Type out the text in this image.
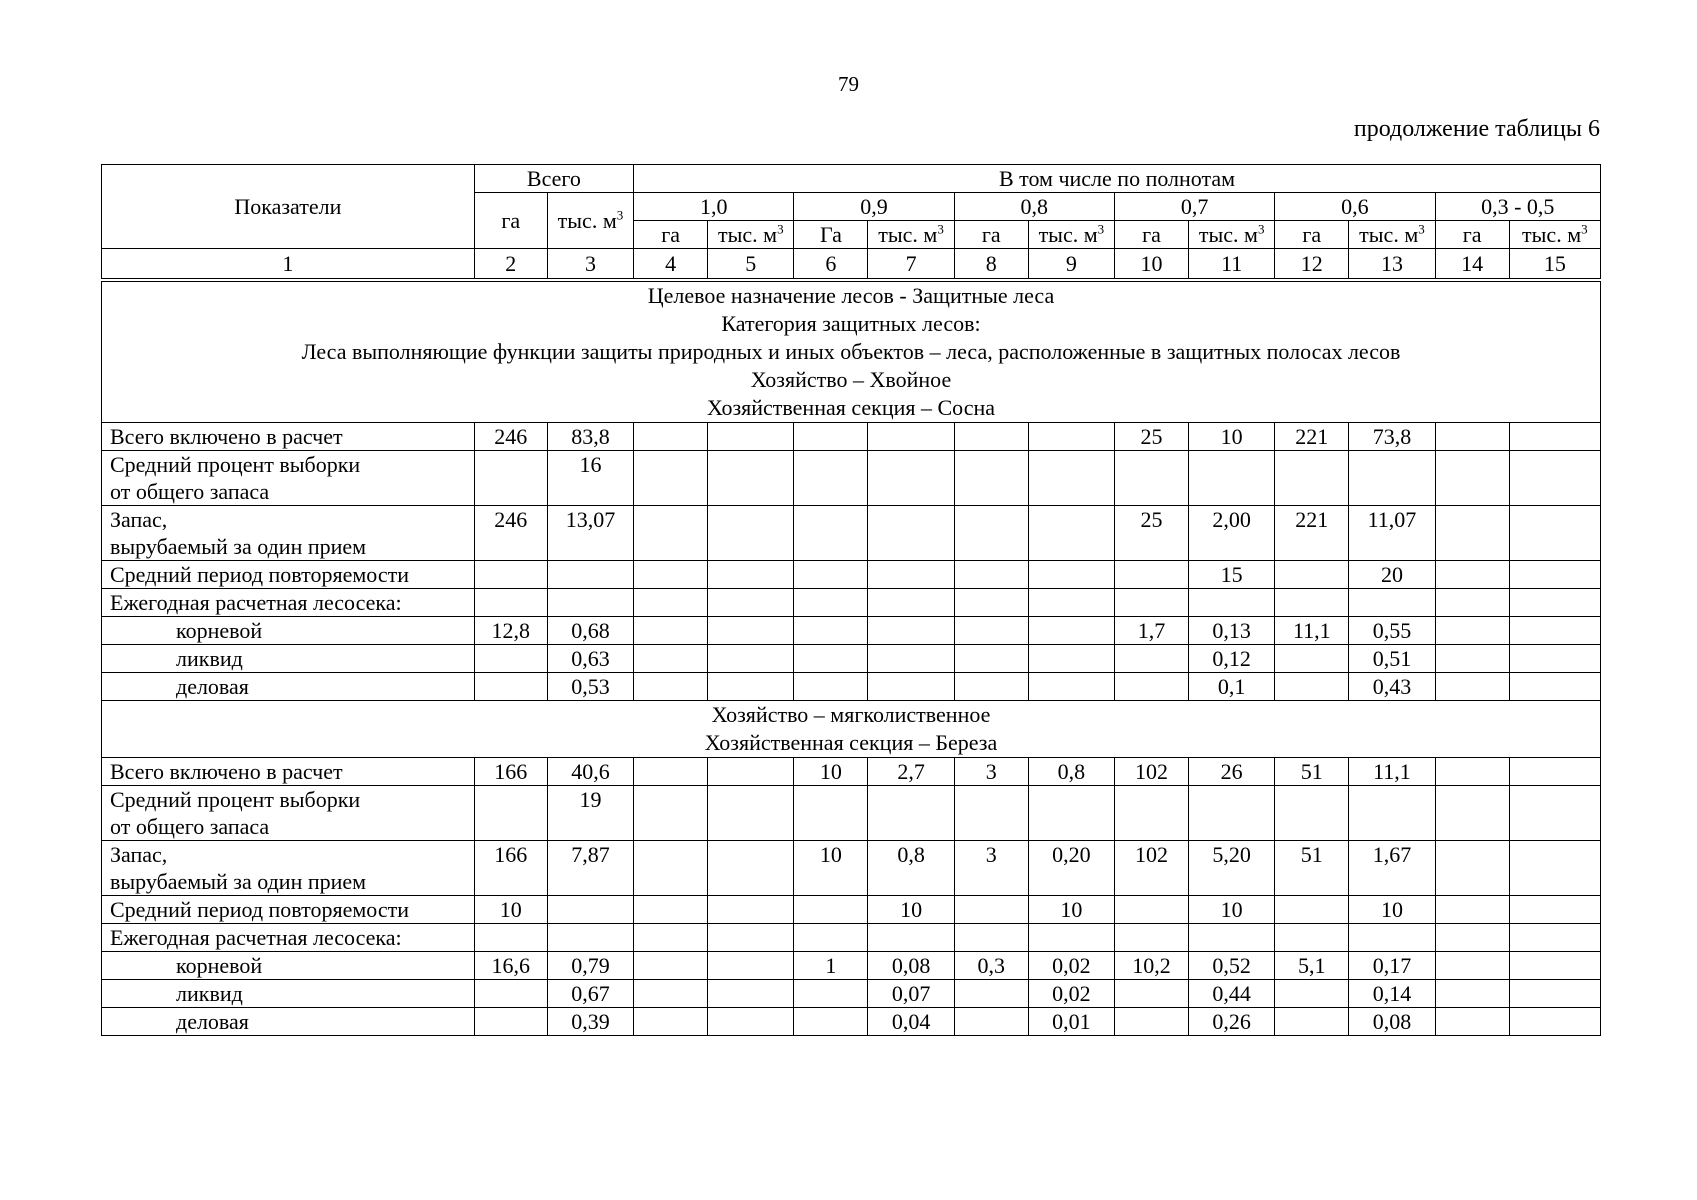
79
продолжение таблицы 6
Показатели	Всего		В том числе по полнотам											
	га	тыс. $м^3$	1,0		0,9		0,8		0,7		0,6		0,3 - 0,5	
			га	тыс. $м^3$	Га	тыс. $м^3$	га	тыс. $м^3$	га	тыс. $м^3$	га	тыс. $м^3$	га	тыс. $м^3$
1	2	3	4	5	6	7	8	9	10	11	12	13	14	15

Целевое назначение лесов - Защитные леса
Категория защитных лесов:
Леса выполняющие функции защиты природных и иных объектов – леса, расположенные в защитных полосах лесов
Хозяйство – Хвойное
Хозяйственная секция – Сосна														

Всего включено в расчет	246	83,8							25	10	221	73,8		

Средний процент выборки
от общего запаса		16												

Запас,
вырубаемый за один прием	246	13,07							25	2,00	221	11,07		

Средний период повторяемости										15		20		

Ежегодная расчетная лесосека:														

корневой	12,8	0,68							1,7	0,13	11,1	0,55		

ликвид		0,63								0,12		0,51		

деловая		0,53								0,1		0,43		

Хозяйство – мягколиственное
Хозяйственная секция – Береза														

Всего включено в расчет	166	40,6			10	2,7	3	0,8	102	26	51	11,1		

Средний процент выборки
от общего запаса		19												

Запас,
вырубаемый за один прием	166	7,87			10	0,8	3	0,20	102	5,20	51	1,67		

Средний период повторяемости	10					10		10		10		10		

Ежегодная расчетная лесосека:														

корневой	16,6	0,79			1	0,08	0,3	0,02	10,2	0,52	5,1	0,17		

ликвид		0,67				0,07		0,02		0,44		0,14		

деловая		0,39				0,04		0,01		0,26		0,08		
